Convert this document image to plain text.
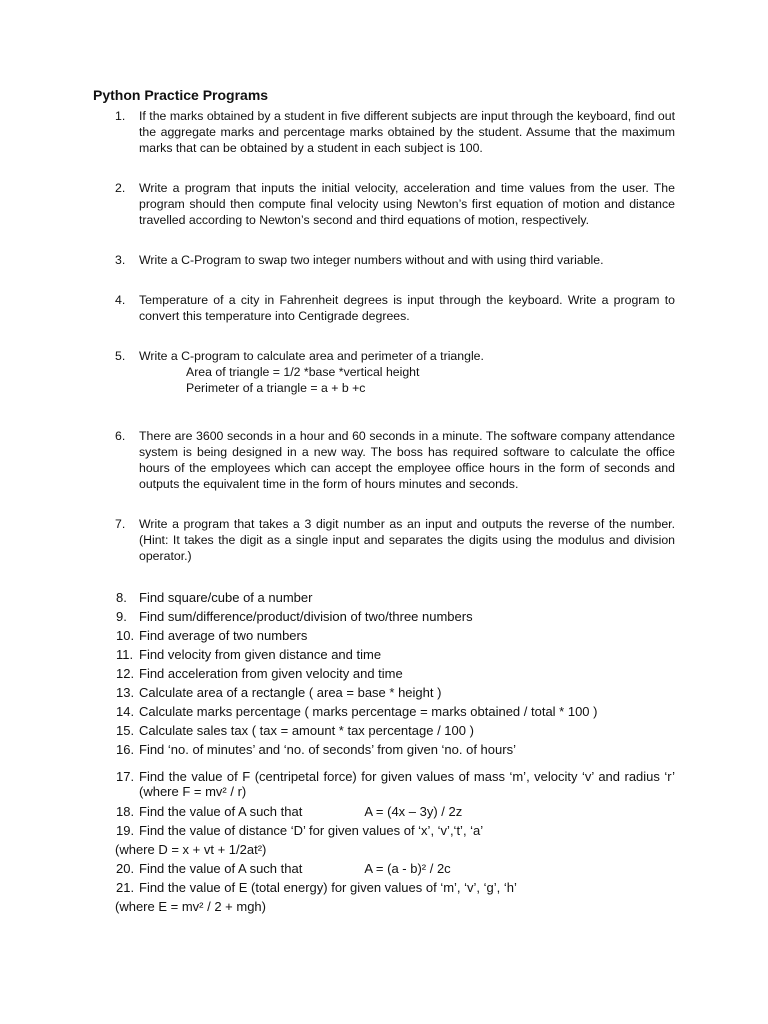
Python Practice Programs
1.	If the marks obtained by a student in five different subjects are input through the keyboard, find out the aggregate marks and percentage marks obtained by the student. Assume that the maximum marks that can be obtained by a student in each subject is 100.
2.	Write a program that inputs the initial velocity, acceleration and time values from the user. The program should then compute final velocity using Newton’s first equation of motion and distance travelled according to Newton’s second and third equations of motion, respectively.
3.	Write a C-Program to swap two integer numbers without and with using third variable.
4.	Temperature of a city in Fahrenheit degrees is input through the keyboard. Write a program to convert this temperature into Centigrade degrees.
5.	Write a C-program to calculate area and perimeter of a triangle.
Area of triangle = 1/2 *base *vertical height
Perimeter of a triangle = a + b +c
6.	There are 3600 seconds in a hour and 60 seconds in a minute. The software company attendance system is being designed in a new way. The boss has required software to calculate the office hours of the employees which can accept the employee office hours in the form of seconds and outputs the equivalent time in the form of hours minutes and seconds.
7.	Write a program that takes a 3 digit number as an input and outputs the reverse of the number. (Hint: It takes the digit as a single input and separates the digits using the modulus and division operator.)
8. Find square/cube of a number
9. Find sum/difference/product/division of two/three numbers
10. Find average of two numbers
11. Find velocity from given distance and time
12. Find acceleration from given velocity and time
13. Calculate area of a rectangle ( area = base * height )
14. Calculate marks percentage ( marks percentage = marks obtained / total * 100 )
15. Calculate sales tax ( tax = amount * tax percentage / 100 )
16. Find ‘no. of minutes’ and ‘no. of seconds’ from given ‘no. of hours’
17. Find the value of F (centripetal force) for given values of mass ‘m’, velocity ‘v’ and radius ‘r’ (where F = mv² / r)
18. Find the value of A such that	A = (4x – 3y) / 2z
19. Find the value of distance ‘D’ for given values of ‘x’, ‘v’,‘t’, ‘a’
(where D = x + vt + 1/2at²)
20. Find the value of A such that	A = (a - b)² / 2c
21. Find the value of E (total energy) for given values of ‘m’, ‘v’, ‘g’, ‘h’
(where E = mv² / 2 + mgh)
